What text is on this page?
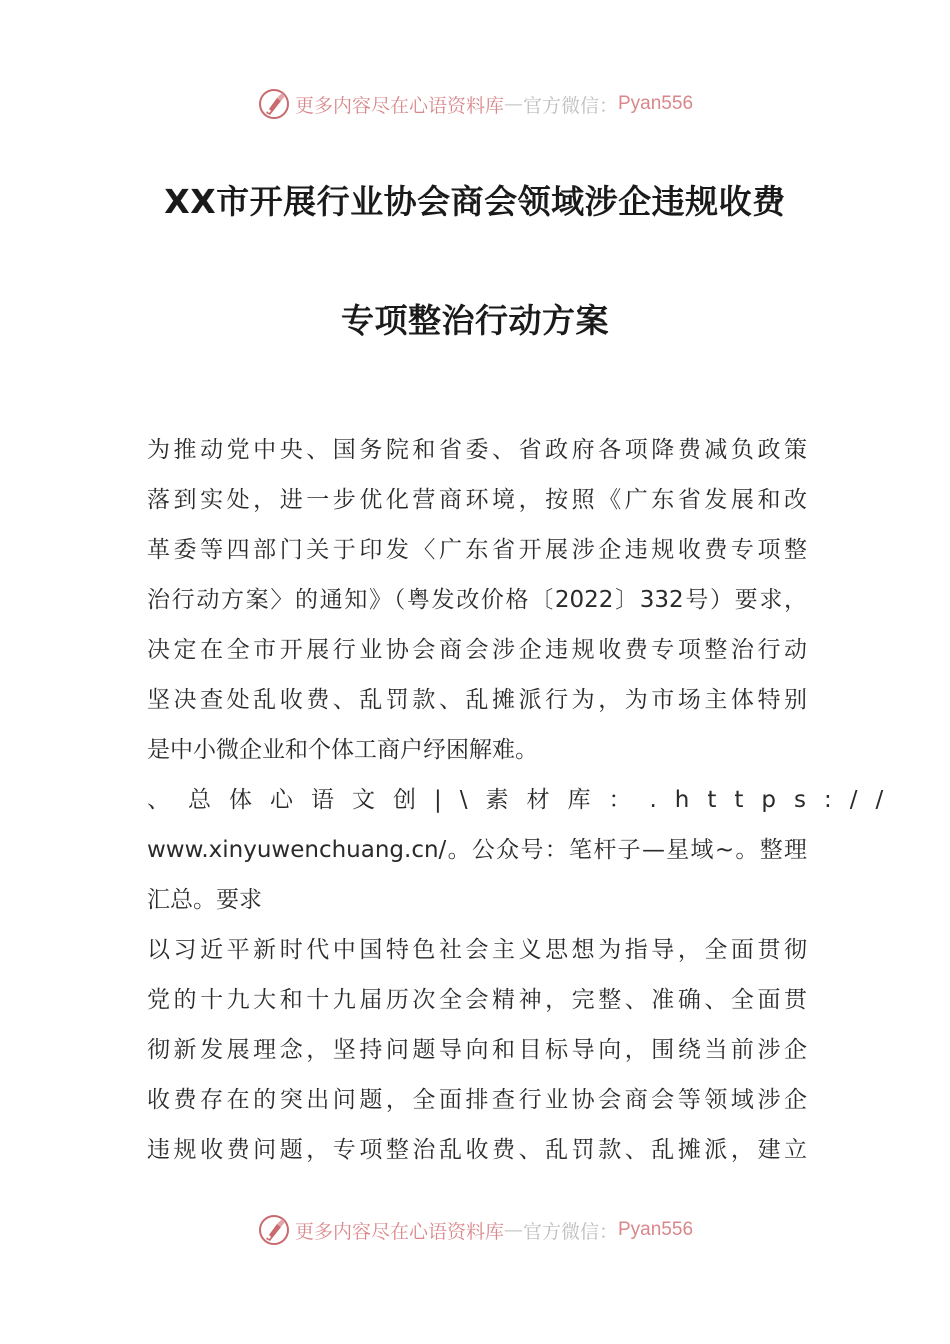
更多内容尽在心语资料库 — 官方微信： Pyan556
XX市开展行业协会商会领域涉企违规收费
专项整治行动方案
为推动党中央、国务院和省委、省政府各项降费减负政策
落到实处，进一步优化营商环境，按照《广东省发展和改
革委等四部门关于印发〈广东省开展涉企违规收费专项整
治行动方案〉的通知》（粤发改价格〔2022〕332号）要求，
决定在全市开展行业协会商会涉企违规收费专项整治行动
坚决查处乱收费、乱罚款、乱摊派行为，为市场主体特别
是中小微企业和个体工商户纾困解难。
、总体心语文创|\素材库：.https://
www.xinyuwenchuang.cn/。公众号：笔杆子—星域~。整理
汇总。要求
以习近平新时代中国特色社会主义思想为指导，全面贯彻
党的十九大和十九届历次全会精神，完整、准确、全面贯
彻新发展理念，坚持问题导向和目标导向，围绕当前涉企
收费存在的突出问题，全面排查行业协会商会等领域涉企
违规收费问题，专项整治乱收费、乱罚款、乱摊派，建立
更多内容尽在心语资料库 — 官方微信： Pyan556
